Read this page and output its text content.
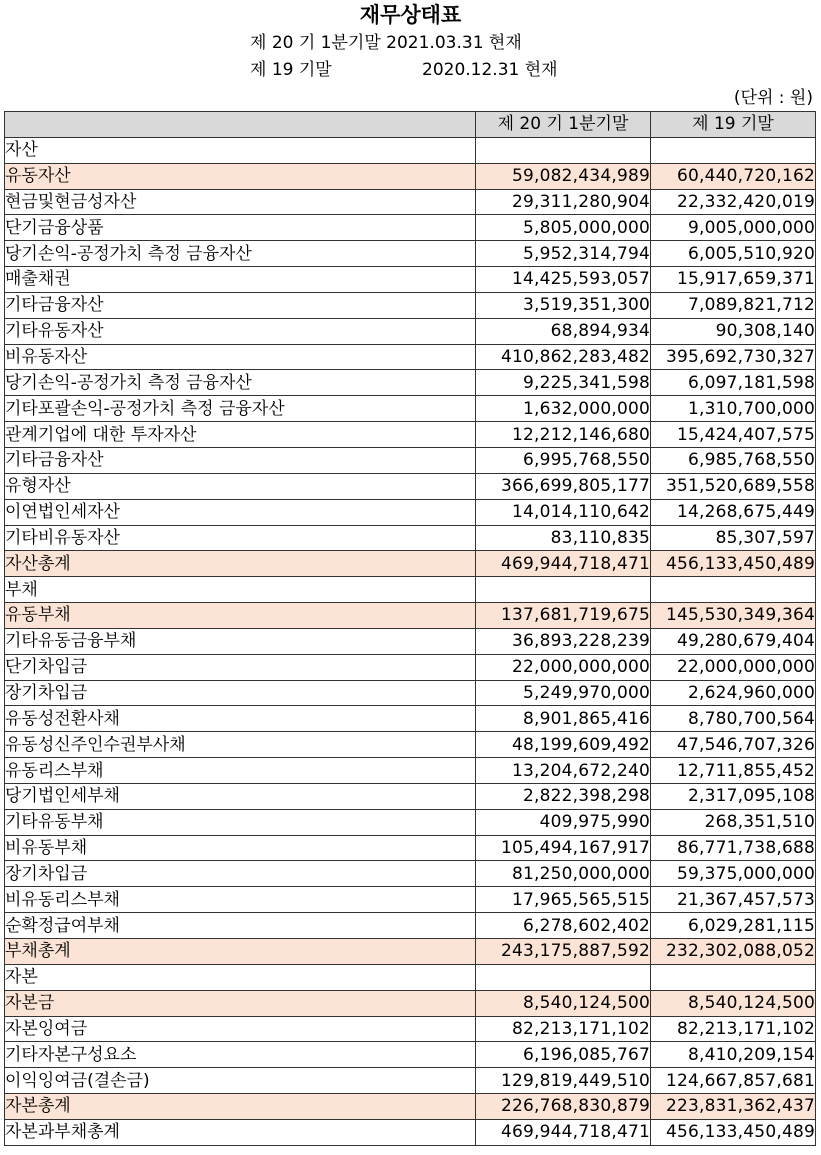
재무상태표
제 20 기 1분기말 2021.03.31 현재
제 19 기말	2020.12.31 현재
(단위 : 원)
	제 20 기 1분기말	제 19 기말
자산		
유동자산	59,082,434,989	60,440,720,162
현금및현금성자산	29,311,280,904	22,332,420,019
단기금융상품	5,805,000,000	9,005,000,000
당기손익-공정가치 측정 금융자산	5,952,314,794	6,005,510,920
매출채권	14,425,593,057	15,917,659,371
기타금융자산	3,519,351,300	7,089,821,712
기타유동자산	68,894,934	90,308,140
비유동자산	410,862,283,482	395,692,730,327
당기손익-공정가치 측정 금융자산	9,225,341,598	6,097,181,598
기타포괄손익-공정가치 측정 금융자산	1,632,000,000	1,310,700,000
관계기업에 대한 투자자산	12,212,146,680	15,424,407,575
기타금융자산	6,995,768,550	6,985,768,550
유형자산	366,699,805,177	351,520,689,558
이연법인세자산	14,014,110,642	14,268,675,449
기타비유동자산	83,110,835	85,307,597
자산총계	469,944,718,471	456,133,450,489
부채		
유동부채	137,681,719,675	145,530,349,364
기타유동금융부채	36,893,228,239	49,280,679,404
단기차입금	22,000,000,000	22,000,000,000
장기차입금	5,249,970,000	2,624,960,000
유동성전환사채	8,901,865,416	8,780,700,564
유동성신주인수권부사채	48,199,609,492	47,546,707,326
유동리스부채	13,204,672,240	12,711,855,452
당기법인세부채	2,822,398,298	2,317,095,108
기타유동부채	409,975,990	268,351,510
비유동부채	105,494,167,917	86,771,738,688
장기차입금	81,250,000,000	59,375,000,000
비유동리스부채	17,965,565,515	21,367,457,573
순확정급여부채	6,278,602,402	6,029,281,115
부채총계	243,175,887,592	232,302,088,052
자본		
자본금	8,540,124,500	8,540,124,500
자본잉여금	82,213,171,102	82,213,171,102
기타자본구성요소	6,196,085,767	8,410,209,154
이익잉여금(결손금)	129,819,449,510	124,667,857,681
자본총계	226,768,830,879	223,831,362,437
자본과부채총계	469,944,718,471	456,133,450,489
